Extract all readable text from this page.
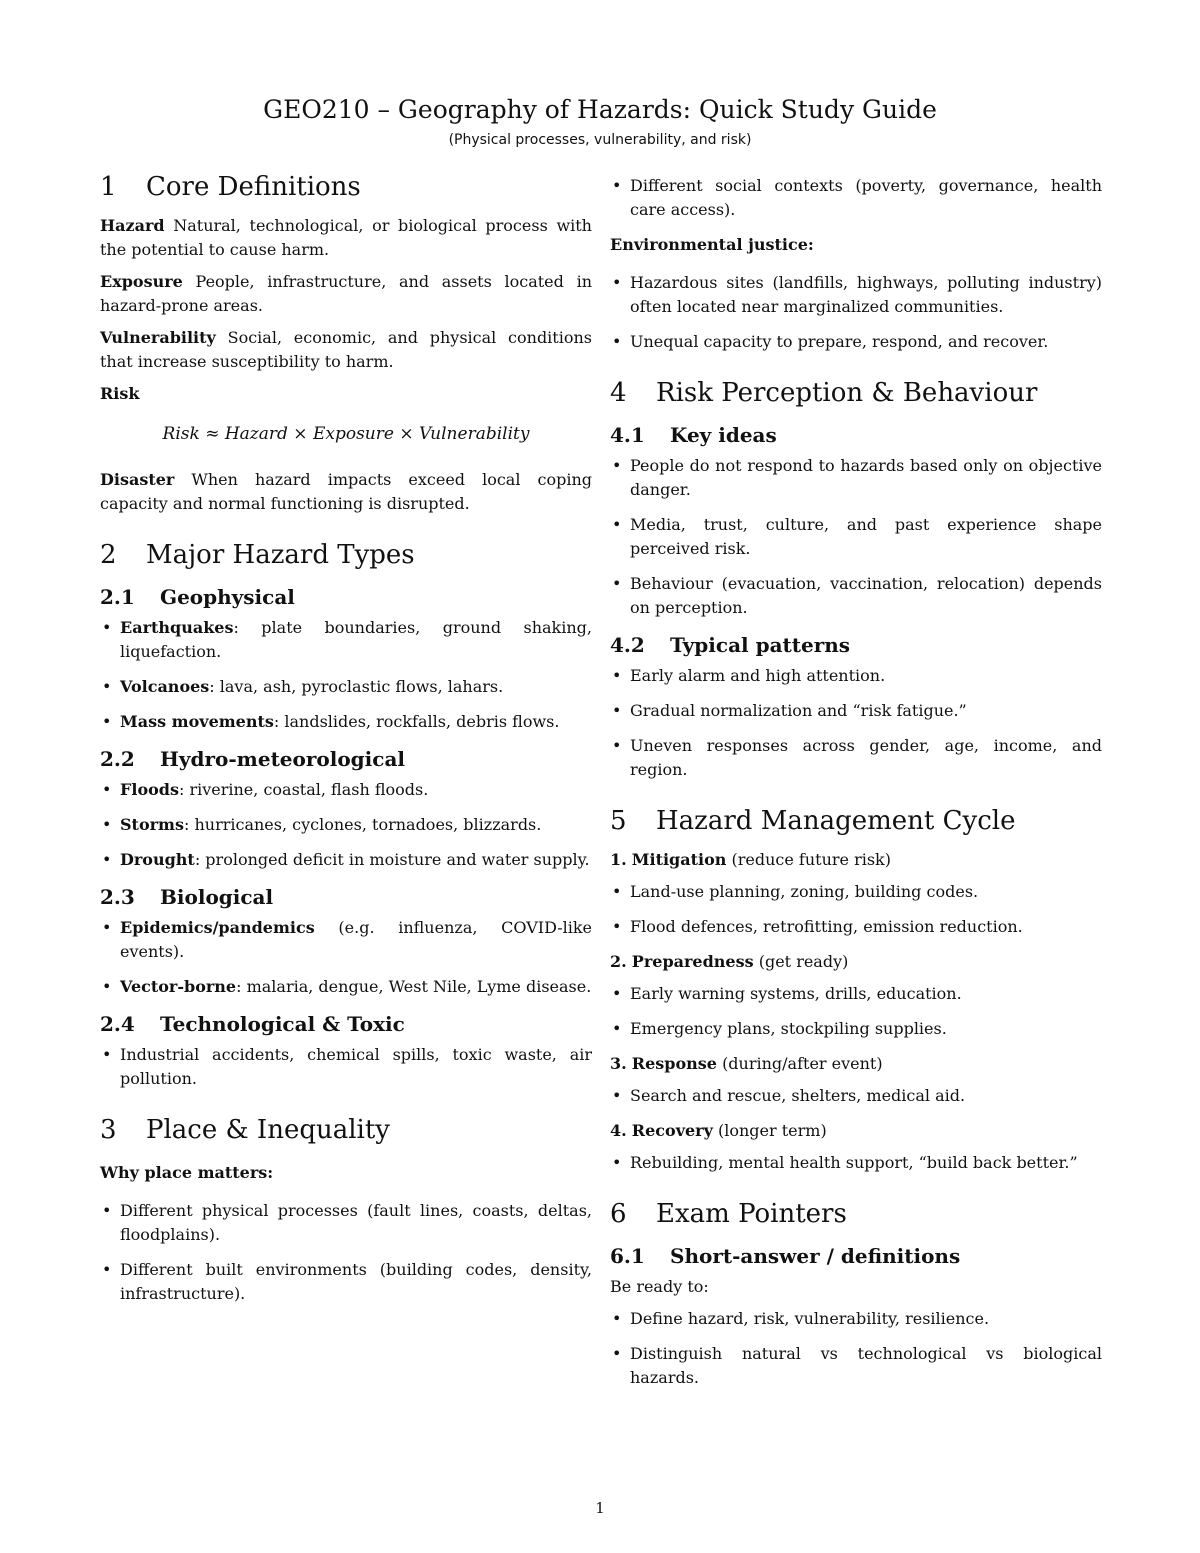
GEO210 – Geography of Hazards: Quick Study Guide
(Physical processes, vulnerability, and risk)
1	Core Definitions

Hazard Natural, technological, or biological process with the potential to cause harm.

Exposure People, infrastructure, and assets located in hazard-prone areas.

Vulnerability Social, economic, and physical conditions that increase susceptibility to harm.

Risk

Risk ≈ Hazard × Exposure × Vulnerability

Disaster When hazard impacts exceed local coping capacity and normal functioning is disrupted.

2	Major Hazard Types
2.1	Geophysical
• Earthquakes: plate boundaries, ground shaking, liquefaction.
• Volcanoes: lava, ash, pyroclastic flows, lahars.
• Mass movements: landslides, rockfalls, debris flows.
2.2	Hydro-meteorological
• Floods: riverine, coastal, flash floods.
• Storms: hurricanes, cyclones, tornadoes, blizzards.
• Drought: prolonged deficit in moisture and water supply.
2.3	Biological
• Epidemics/pandemics (e.g. influenza, COVID-like events).
• Vector-borne: malaria, dengue, West Nile, Lyme disease.
2.4	Technological & Toxic
• Industrial accidents, chemical spills, toxic waste, air pollution.
3	Place & Inequality

Why place matters:

• Different physical processes (fault lines, coasts, deltas, floodplains).
• Different built environments (building codes, density, infrastructure).
• Different social contexts (poverty, governance, health care access).

Environmental justice:

• Hazardous sites (landfills, highways, polluting industry) often located near marginalized communities.
• Unequal capacity to prepare, respond, and recover.
4	Risk Perception & Behaviour
4.1	Key ideas
• People do not respond to hazards based only on objective danger.
• Media, trust, culture, and past experience shape perceived risk.
• Behaviour (evacuation, vaccination, relocation) depends on perception.
4.2	Typical patterns
• Early alarm and high attention.
• Gradual normalization and “risk fatigue.”
• Uneven responses across gender, age, income, and region.
5	Hazard Management Cycle

1. Mitigation (reduce future risk)

• Land-use planning, zoning, building codes.
• Flood defences, retrofitting, emission reduction.

2. Preparedness (get ready)

• Early warning systems, drills, education.
• Emergency plans, stockpiling supplies.

3. Response (during/after event)

• Search and rescue, shelters, medical aid.

4. Recovery (longer term)

• Rebuilding, mental health support, “build back better.”
6	Exam Pointers
6.1	Short-answer / definitions

Be ready to:

• Define hazard, risk, vulnerability, resilience.
• Distinguish natural vs technological vs biological hazards.
1
